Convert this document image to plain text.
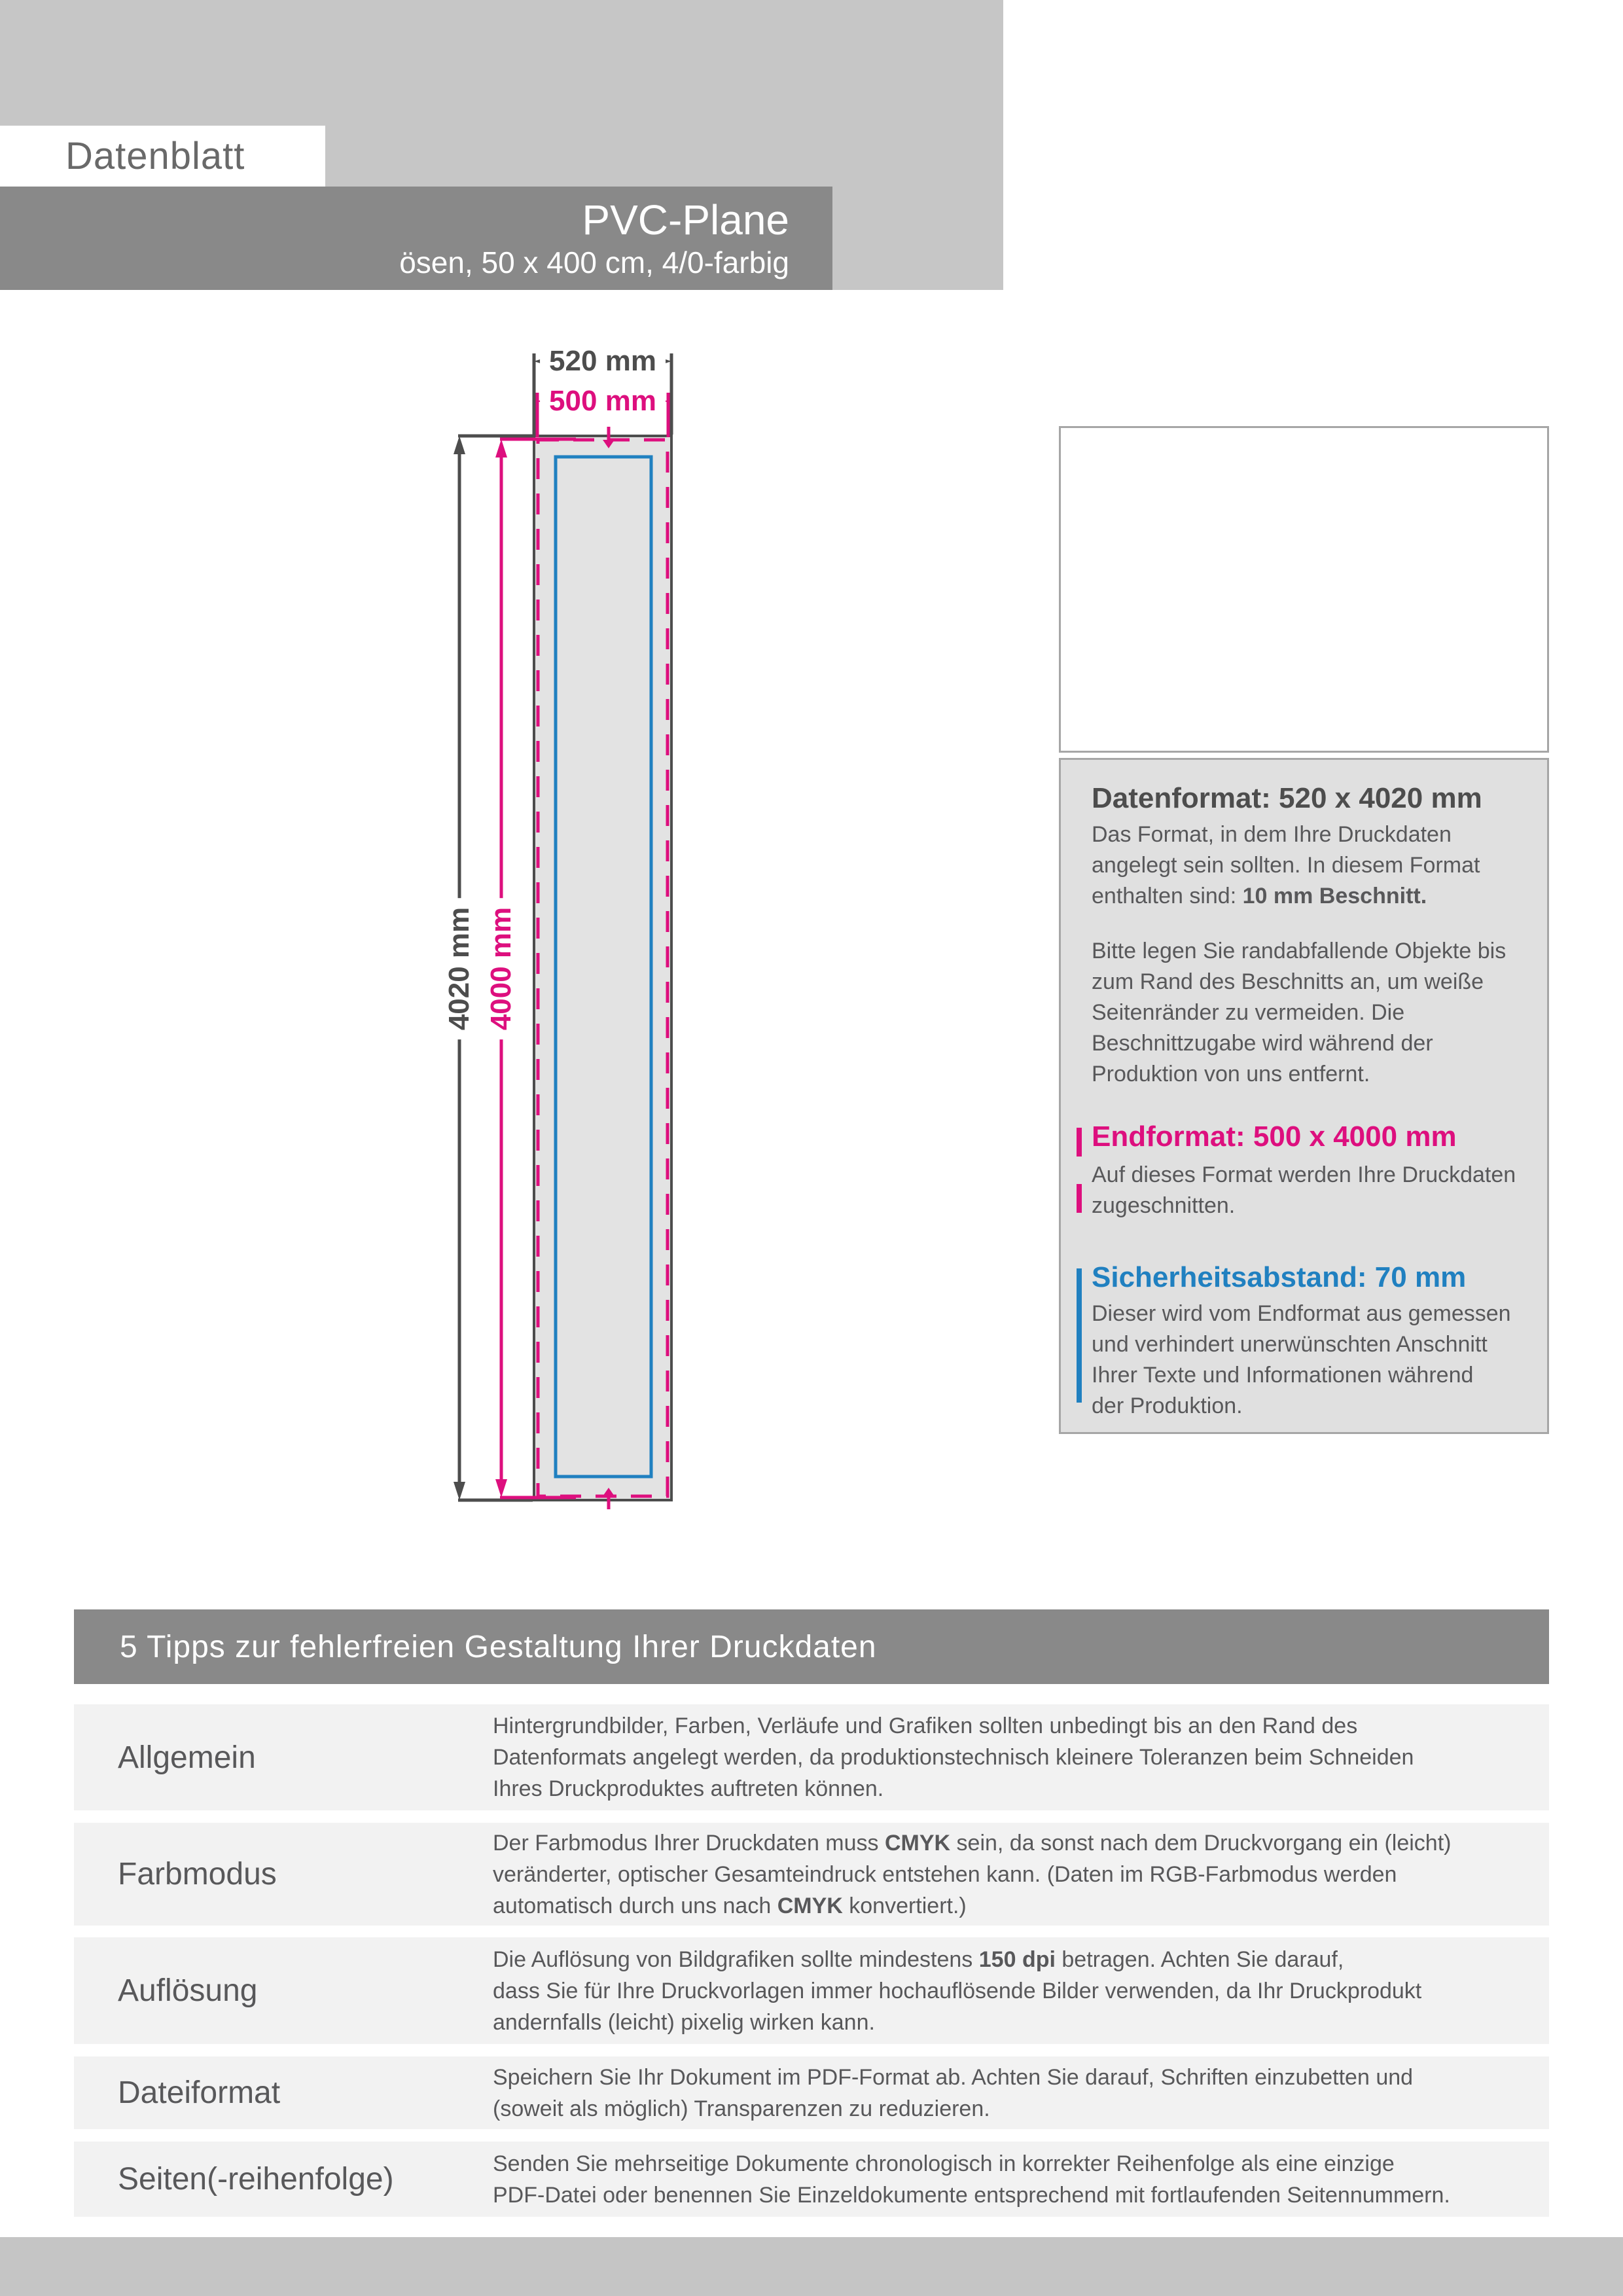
Datenblatt
PVC-Plane
ösen, 50 x 400 cm, 4/0-farbig
520 mm
500 mm
4020 mm 4000 mm
Datenformat: 520 x 4020 mm
Das Format, in dem Ihre Druckdaten
angelegt sein sollten. In diesem Format
enthalten sind: 10 mm Beschnitt.
Bitte legen Sie randabfallende Objekte bis
zum Rand des Beschnitts an, um weiße
Seitenränder zu vermeiden. Die
Beschnittzugabe wird während der
Produktion von uns entfernt.
Endformat: 500 x 4000 mm
Auf dieses Format werden Ihre Druckdaten
zugeschnitten.
Sicherheitsabstand: 70 mm
Dieser wird vom Endformat aus gemessen
und verhindert unerwünschten Anschnitt
Ihrer Texte und Informationen während
der Produktion.
5 Tipps zur fehlerfreien Gestaltung Ihrer Druckdaten
Allgemein
Hintergrundbilder, Farben, Verläufe und Grafiken sollten unbedingt bis an den Rand des
Datenformats angelegt werden, da produktionstechnisch kleinere Toleranzen beim Schneiden
Ihres Druckproduktes auftreten können.
Farbmodus
Der Farbmodus Ihrer Druckdaten muss CMYK sein, da sonst nach dem Druckvorgang ein (leicht)
veränderter, optischer Gesamteindruck entstehen kann. (Daten im RGB-Farbmodus werden
automatisch durch uns nach CMYK konvertiert.)
Auflösung
Die Auflösung von Bildgrafiken sollte mindestens 150 dpi betragen. Achten Sie darauf,
dass Sie für Ihre Druckvorlagen immer hochauflösende Bilder verwenden, da Ihr Druckprodukt
andernfalls (leicht) pixelig wirken kann.
Dateiformat	Speichern Sie Ihr Dokument im PDF-Format ab. Achten Sie darauf, Schriften einzubetten und
(soweit als möglich) Transparenzen zu reduzieren.
Seiten(-reihenfolge)	Senden Sie mehrseitige Dokumente chronologisch in korrekter Reihenfolge als eine einzige
PDF-Datei oder benennen Sie Einzeldokumente entsprechend mit fortlaufenden Seitennummern.
